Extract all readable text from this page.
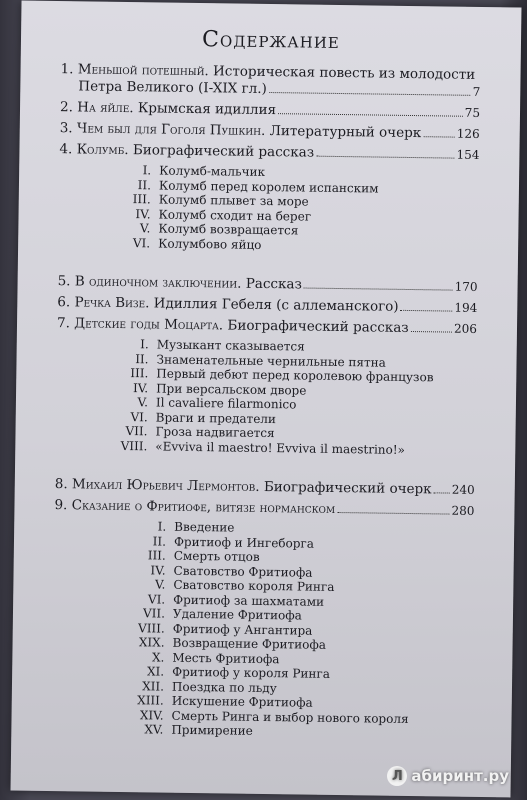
Содержание
1. Меньшой потешный. Историческая повесть из молодости
Петра Великого (I-XIX гл.)	7
2. На яйле. Крымская идиллия	75
3. Чем был для Гоголя Пушкин. Литературный очерк	126
4. Колумб. Биографический рассказ	154
I. Колумб-мальчик
II. Колумб перед королем испанским
III. Колумб плывет за море
IV. Колумб сходит на берег
V. Колумб возвращается
VI. Колумбово яйцо
5. В одиночном заключении. Рассказ	170
6. Речка Визе. Идиллия Гебеля (с аллеманского)	194
7. Детские годы Моцарта. Биографический рассказ	206
I. Музыкант сказывается
II. Знаменательные чернильные пятна
III. Первый дебют перед королевою французов
IV. При версальском дворе
V. Il cavaliere filarmonico
VI. Враги и предатели
VII. Гроза надвигается
VIII. «Evviva il maestro! Evviva il maestrino!»
8. Михаил Юрьевич Лермонтов. Биографический очерк 240
9. Сказание о Фритиофе, витязе норманском	280
I. Введение
II. Фритиоф и Ингеборга
III. Смерть отцов
IV. Сватовство Фритиофа
V. Сватовство короля Ринга
VI. Фритиоф за шахматами
VII. Удаление Фритиофа
VIII. Фритиоф у Ангантира
XIX. Возвращение Фритиофа
X. Месть Фритиофа
XI. Фритиоф у короля Ринга
XII. Поездка по льду
XIII. Искушение Фритиофа
XIV. Смерть Ринга и выбор нового короля
XV. Примирение
Л абиринт.ру
